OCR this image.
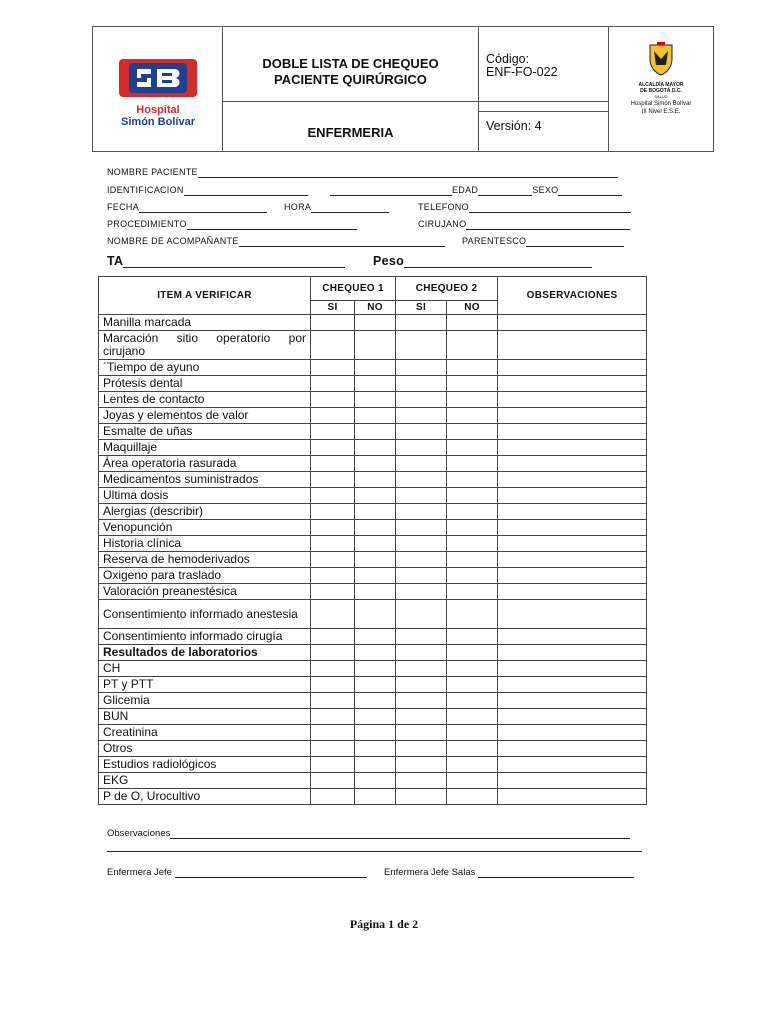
Hospital
Simón Bolívar
DOBLE LISTA DE CHEQUEO
PACIENTE QUIRÚRGICO
ENFERMERIA
Código:
ENF-FO-022
Versión: 4
ALCALDÍA MAYOR
DE BOGOTÁ D.C.
SALUD
Hospital Simón Bolívar
III Nivel E.S.E.
NOMBRE PACIENTE
IDENTIFICACION	EDAD	SEXO
FECHA	HORA	TELEFONO
PROCEDIMIENTO	CIRUJANO
NOMBRE DE ACOMPAÑANTE	PARENTESCO
TA	Peso
ITEM A VERIFICAR	CHEQUEO 1		CHEQUEO 2		OBSERVACIONES
	SI	NO	SI	NO	
Manilla marcada					
Marcación sitio operatorio por cirujano					
´Tiempo de ayuno					
Prótesis dental					
Lentes de contacto					
Joyas y elementos de valor					
Esmalte de uñas					
Maquillaje					
Área operatoria rasurada					
Medicamentos suministrados					
Ultima dosis					
Alergias (describir)					
Venopunción					
Historia clínica					
Reserva de hemoderivados					
Oxigeno para traslado					
Valoración preanestésica					
Consentimiento informado anestesia					
Consentimiento informado cirugía					
Resultados de laboratorios					
CH					
PT y PTT					
Glicemia					
BUN					
Creatinina					
Otros					
Estudios radiológicos					
EKG					
P de O, Urocultivo					
Observaciones
Enfermera Jefe	Enfermera Jefe Salas
Página 1 de 2
